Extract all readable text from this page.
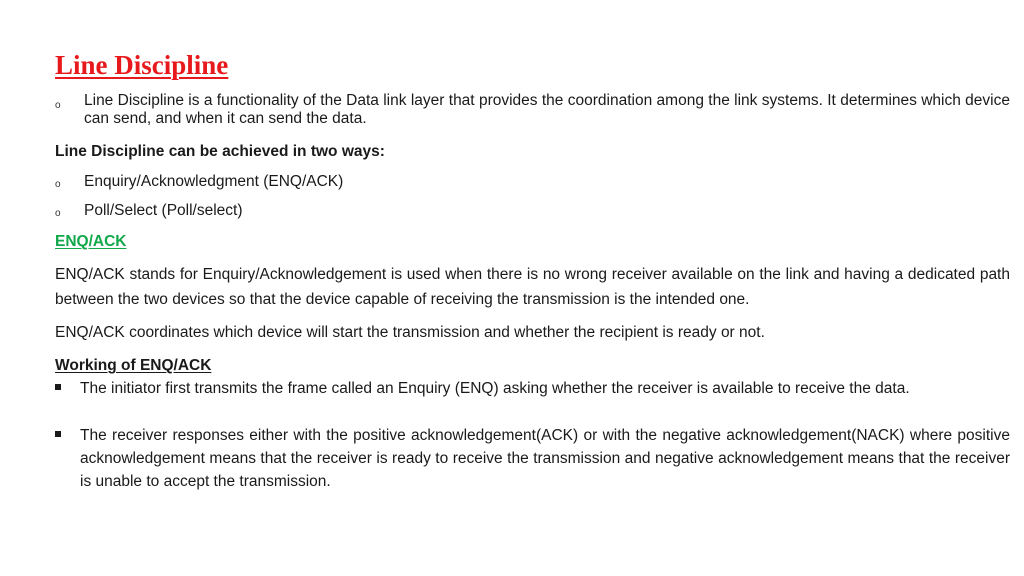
Line Discipline
o Line Discipline is a functionality of the Data link layer that provides the coordination among the link systems. It determines which device can send, and when it can send the data.
Line Discipline can be achieved in two ways:
o Enquiry/Acknowledgment (ENQ/ACK)
o Poll/Select (Poll/select)
ENQ/ACK
ENQ/ACK stands for Enquiry/Acknowledgement is used when there is no wrong receiver available on the link and having a dedicated path between the two devices so that the device capable of receiving the transmission is the intended one.
ENQ/ACK coordinates which device will start the transmission and whether the recipient is ready or not.
Working of ENQ/ACK
The initiator first transmits the frame called an Enquiry (ENQ) asking whether the receiver is available to receive the data.
The receiver responses either with the positive acknowledgement(ACK) or with the negative acknowledgement(NACK) where positive acknowledgement means that the receiver is ready to receive the transmission and negative acknowledgement means that the receiver is unable to accept the transmission.
